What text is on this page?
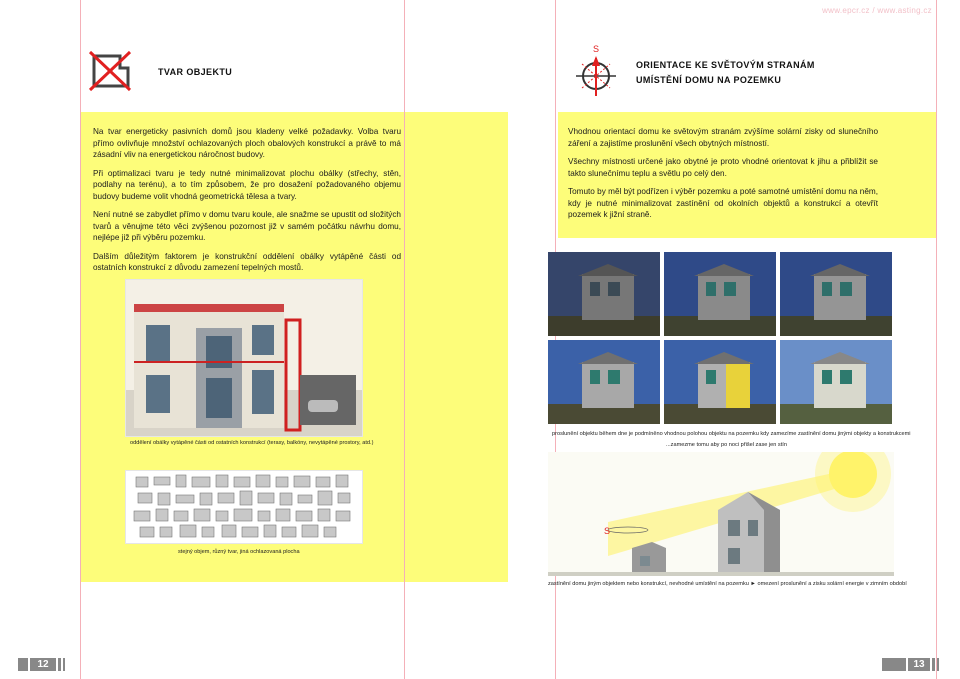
TVAR OBJEKTU

Na tvar energeticky pasivních domů jsou kladeny velké požadavky. Volba tvaru přímo ovlivňuje množství ochlazovaných ploch obalových konstrukcí a právě to má zásadní vliv na energetickou náročnost budovy.

Při optimalizaci tvaru je tedy nutné minimalizovat plochu obálky (střechy, stěn, podlahy na terénu), a to tím způsobem, že pro dosažení požadovaného objemu budovy budeme volit vhodná geometrická tělesa a tvary.

Není nutné se zabydlet přímo v domu tvaru koule, ale snažme se upustit od složitých tvarů a věnujme této věci zvýšenou pozornost již v samém počátku návrhu domu, nejlépe již při výběru pozemku.

Dalším důležitým faktorem je konstrukční oddělení obálky vytápěné části od ostatních konstrukcí z důvodu zamezení tepelných mostů.

oddělení obálky vytápěné části od ostatních konstrukcí (terasy, balkóny, nevytápěné prostory, atd.)
stejný objem, různý tvar, jiná ochlazovaná plocha
12
www.epcr.cz / www.asting.cz
S
ORIENTACE KE SVĚTOVÝM STRANÁM
UMÍSTĚNÍ DOMU NA POZEMKU

Vhodnou orientací domu ke světovým stranám zvýšíme solární zisky od slunečního záření a zajistíme proslunění všech obytných místností.

Všechny místnosti určené jako obytné je proto vhodné orientovat k jihu a přiblížit se takto slunečnímu teplu a světlu po celý den.

Tomuto by měl být podřízen i výběr pozemku a poté samotné umístění domu na něm, kdy je nutné minimalizovat zastínění od okolních objektů a konstrukcí a otevřít pozemek k jižní straně.

proslunění objektu během dne je podmíněno vhodnou polohou objektu na pozemku kdy zamezíme zastínění domu jinými objekty a konstrukcemi
...zamezme tomu aby po noci přišel zase jen stín
S
zastínění domu jiným objektem nebo konstrukcí, nevhodné umístění na pozemku ► omezení proslunění a zisku solární energie v zimním období
13
